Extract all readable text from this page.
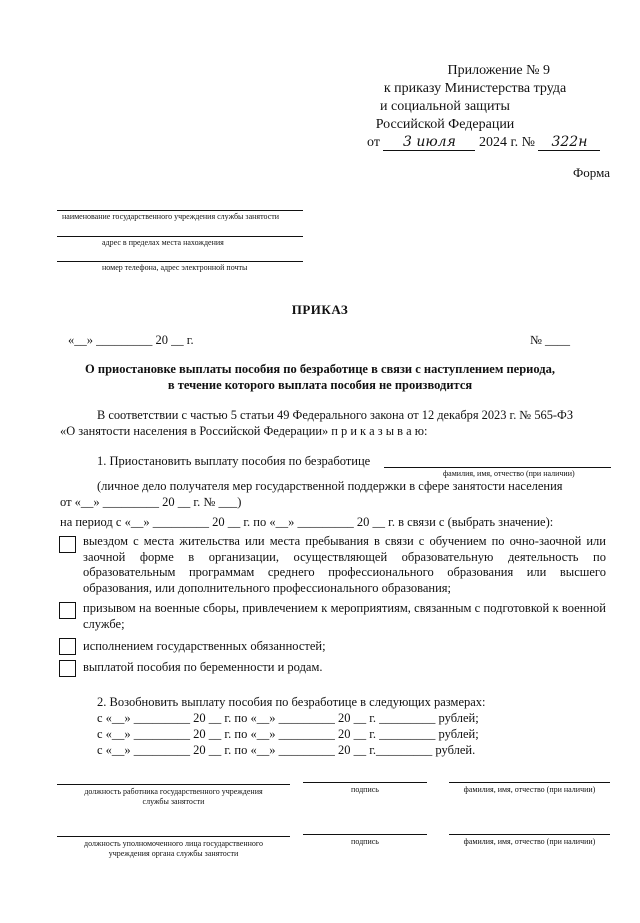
Приложение № 9
к приказу Министерства труда
и социальной защиты
Российской Федерации
от 3 июля 2024 г. № 322н
Форма
наименование государственного учреждения службы занятости
адрес в пределах места нахождения
номер телефона, адрес электронной почты
ПРИКАЗ
«__» _________ 20 __ г.	№ ____
О приостановке выплаты пособия по безработице в связи с наступлением периода,
в течение которого выплата пособия не производится
В соответствии с частью 5 статьи 49 Федерального закона от 12 декабря 2023 г. № 565-ФЗ
«О занятости населения в Российской Федерации» п р и к а з ы в а ю:
1. Приостановить выплату пособия по безработице
фамилия, имя, отчество (при наличии)
(личное дело получателя мер государственной поддержки в сфере занятости населения
от «__» _________ 20 __ г. № ___)
на период с «__» _________ 20 __ г. по «__» _________ 20 __ г. в связи с (выбрать значение):
выездом с места жительства или места пребывания в связи с обучением по очно-заочной или заочной форме в организации, осуществляющей образовательную деятельность по образовательным программам среднего профессионального образования или высшего образования, или дополнительного профессионального образования;
призывом на военные сборы, привлечением к мероприятиям, связанным с подготовкой к военной службе;
исполнением государственных обязанностей;
выплатой пособия по беременности и родам.
2. Возобновить выплату пособия по безработице в следующих размерах:
с «__» _________ 20 __ г. по «__» _________ 20 __ г. _________ рублей;
с «__» _________ 20 __ г. по «__» _________ 20 __ г. _________ рублей;
с «__» _________ 20 __ г. по «__» _________ 20 __ г._________ рублей.
должность работника государственного учреждения
службы занятости
подпись	фамилия, имя, отчество (при наличии)
должность уполномоченного лица государственного
учреждения органа службы занятости
подпись	фамилия, имя, отчество (при наличии)
